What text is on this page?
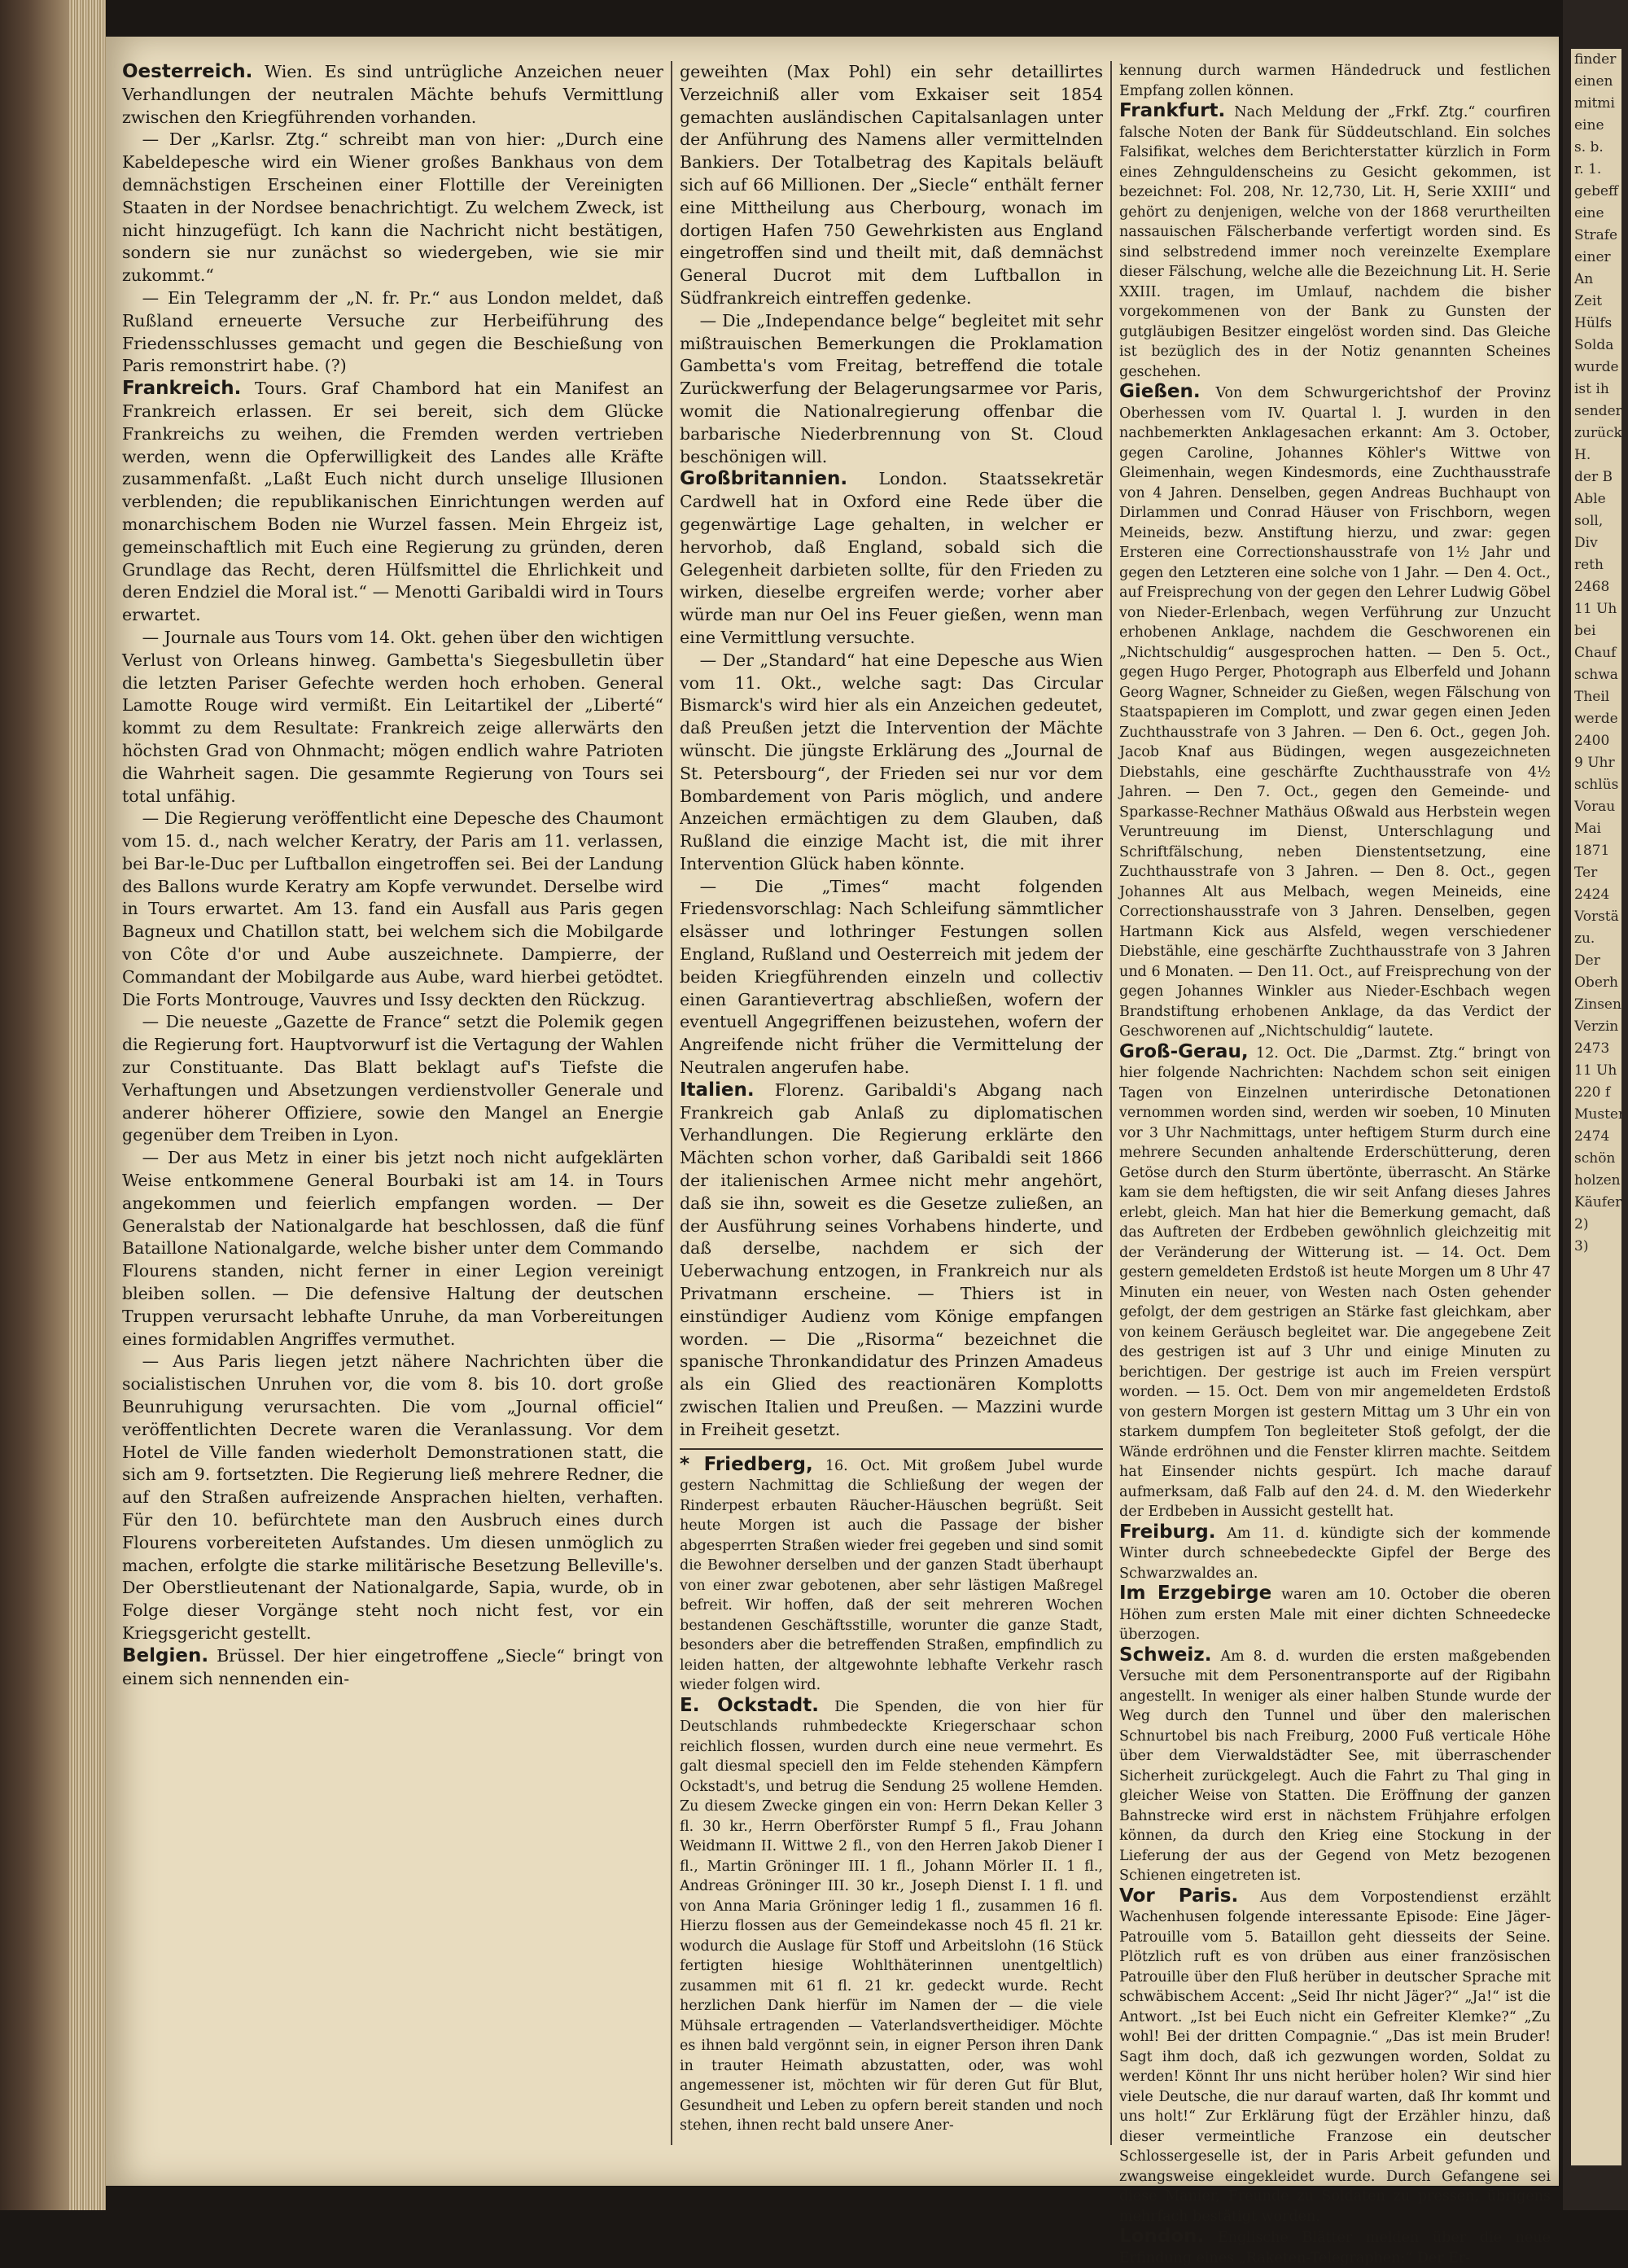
Oesterreich. Wien. Es sind untrügliche Anzeichen neuer Verhandlungen der neutralen Mächte behufs Vermittlung zwischen den Kriegführenden vorhanden.

— Der „Karlsr. Ztg.“ schreibt man von hier: „Durch eine Kabeldepesche wird ein Wiener großes Bankhaus von dem demnächstigen Erscheinen einer Flottille der Vereinigten Staaten in der Nordsee benachrichtigt. Zu welchem Zweck, ist nicht hinzugefügt. Ich kann die Nachricht nicht bestätigen, sondern sie nur zunächst so wiedergeben, wie sie mir zukommt.“

— Ein Telegramm der „N. fr. Pr.“ aus London meldet, daß Rußland erneuerte Versuche zur Herbeiführung des Friedensschlusses gemacht und gegen die Beschießung von Paris remonstrirt habe. (?)

Frankreich. Tours. Graf Chambord hat ein Manifest an Frankreich erlassen. Er sei bereit, sich dem Glücke Frankreichs zu weihen, die Fremden werden vertrieben werden, wenn die Opferwilligkeit des Landes alle Kräfte zusammenfaßt. „Laßt Euch nicht durch unselige Illusionen verblenden; die republikanischen Einrichtungen werden auf monarchischem Boden nie Wurzel fassen. Mein Ehrgeiz ist, gemeinschaftlich mit Euch eine Regierung zu gründen, deren Grundlage das Recht, deren Hülfsmittel die Ehrlichkeit und deren Endziel die Moral ist.“ — Menotti Garibaldi wird in Tours erwartet.

— Journale aus Tours vom 14. Okt. gehen über den wichtigen Verlust von Orleans hinweg. Gambetta's Siegesbulletin über die letzten Pariser Gefechte werden hoch erhoben. General Lamotte Rouge wird vermißt. Ein Leitartikel der „Liberté“ kommt zu dem Resultate: Frankreich zeige allerwärts den höchsten Grad von Ohnmacht; mögen endlich wahre Patrioten die Wahrheit sagen. Die gesammte Regierung von Tours sei total unfähig.

— Die Regierung veröffentlicht eine Depesche des Chaumont vom 15. d., nach welcher Keratry, der Paris am 11. verlassen, bei Bar-le-Duc per Luftballon eingetroffen sei. Bei der Landung des Ballons wurde Keratry am Kopfe verwundet. Derselbe wird in Tours erwartet. Am 13. fand ein Ausfall aus Paris gegen Bagneux und Chatillon statt, bei welchem sich die Mobilgarde von Côte d'or und Aube auszeichnete. Dampierre, der Commandant der Mobilgarde aus Aube, ward hierbei getödtet. Die Forts Montrouge, Vauvres und Issy deckten den Rückzug.

— Die neueste „Gazette de France“ setzt die Polemik gegen die Regierung fort. Hauptvorwurf ist die Vertagung der Wahlen zur Constituante. Das Blatt beklagt auf's Tiefste die Verhaftungen und Absetzungen verdienstvoller Generale und anderer höherer Offiziere, sowie den Mangel an Energie gegenüber dem Treiben in Lyon.

— Der aus Metz in einer bis jetzt noch nicht aufgeklärten Weise entkommene General Bourbaki ist am 14. in Tours angekommen und feierlich empfangen worden. — Der Generalstab der Nationalgarde hat beschlossen, daß die fünf Bataillone Nationalgarde, welche bisher unter dem Commando Flourens standen, nicht ferner in einer Legion vereinigt bleiben sollen. — Die defensive Haltung der deutschen Truppen verursacht lebhafte Unruhe, da man Vorbereitungen eines formidablen Angriffes vermuthet.

— Aus Paris liegen jetzt nähere Nachrichten über die socialistischen Unruhen vor, die vom 8. bis 10. dort große Beunruhigung verursachten. Die vom „Journal officiel“ veröffentlichten Decrete waren die Veranlassung. Vor dem Hotel de Ville fanden wiederholt Demonstrationen statt, die sich am 9. fortsetzten. Die Regierung ließ mehrere Redner, die auf den Straßen aufreizende Ansprachen hielten, verhaften. Für den 10. befürchtete man den Ausbruch eines durch Flourens vorbereiteten Aufstandes. Um diesen unmöglich zu machen, erfolgte die starke militärische Besetzung Belleville's. Der Oberstlieutenant der Nationalgarde, Sapia, wurde, ob in Folge dieser Vorgänge steht noch nicht fest, vor ein Kriegsgericht gestellt.

Belgien. Brüssel. Der hier eingetroffene „Siecle“ bringt von einem sich nennenden ein-

geweihten (Max Pohl) ein sehr detaillirtes Verzeichniß aller vom Exkaiser seit 1854 gemachten ausländischen Capitalsanlagen unter der Anführung des Namens aller vermittelnden Bankiers. Der Totalbetrag des Kapitals beläuft sich auf 66 Millionen. Der „Siecle“ enthält ferner eine Mittheilung aus Cherbourg, wonach im dortigen Hafen 750 Gewehrkisten aus England eingetroffen sind und theilt mit, daß demnächst General Ducrot mit dem Luftballon in Südfrankreich eintreffen gedenke.

— Die „Independance belge“ begleitet mit sehr mißtrauischen Bemerkungen die Proklamation Gambetta's vom Freitag, betreffend die totale Zurückwerfung der Belagerungsarmee vor Paris, womit die Nationalregierung offenbar die barbarische Niederbrennung von St. Cloud beschönigen will.

Großbritannien. London. Staatssekretär Cardwell hat in Oxford eine Rede über die gegenwärtige Lage gehalten, in welcher er hervorhob, daß England, sobald sich die Gelegenheit darbieten sollte, für den Frieden zu wirken, dieselbe ergreifen werde; vorher aber würde man nur Oel ins Feuer gießen, wenn man eine Vermittlung versuchte.

— Der „Standard“ hat eine Depesche aus Wien vom 11. Okt., welche sagt: Das Circular Bismarck's wird hier als ein Anzeichen gedeutet, daß Preußen jetzt die Intervention der Mächte wünscht. Die jüngste Erklärung des „Journal de St. Petersbourg“, der Frieden sei nur vor dem Bombardement von Paris möglich, und andere Anzeichen ermächtigen zu dem Glauben, daß Rußland die einzige Macht ist, die mit ihrer Intervention Glück haben könnte.

— Die „Times“ macht folgenden Friedensvorschlag: Nach Schleifung sämmtlicher elsässer und lothringer Festungen sollen England, Rußland und Oesterreich mit jedem der beiden Kriegführenden einzeln und collectiv einen Garantievertrag abschließen, wofern der eventuell Angegriffenen beizustehen, wofern der Angreifende nicht früher die Vermittelung der Neutralen angerufen habe.

Italien. Florenz. Garibaldi's Abgang nach Frankreich gab Anlaß zu diplomatischen Verhandlungen. Die Regierung erklärte den Mächten schon vorher, daß Garibaldi seit 1866 der italienischen Armee nicht mehr angehört, daß sie ihn, soweit es die Gesetze zuließen, an der Ausführung seines Vorhabens hinderte, und daß derselbe, nachdem er sich der Ueberwachung entzogen, in Frankreich nur als Privatmann erscheine. — Thiers ist in einstündiger Audienz vom Könige empfangen worden. — Die „Risorma“ bezeichnet die spanische Thronkandidatur des Prinzen Amadeus als ein Glied des reactionären Komplotts zwischen Italien und Preußen. — Mazzini wurde in Freiheit gesetzt.

* Friedberg, 16. Oct. Mit großem Jubel wurde gestern Nachmittag die Schließung der wegen der Rinderpest erbauten Räucher-Häuschen begrüßt. Seit heute Morgen ist auch die Passage der bisher abgesperrten Straßen wieder frei gegeben und sind somit die Bewohner derselben und der ganzen Stadt überhaupt von einer zwar gebotenen, aber sehr lästigen Maßregel befreit. Wir hoffen, daß der seit mehreren Wochen bestandenen Geschäftsstille, worunter die ganze Stadt, besonders aber die betreffenden Straßen, empfindlich zu leiden hatten, der altgewohnte lebhafte Verkehr rasch wieder folgen wird.

E. Ockstadt. Die Spenden, die von hier für Deutschlands ruhmbedeckte Kriegerschaar schon reichlich flossen, wurden durch eine neue vermehrt. Es galt diesmal speciell den im Felde stehenden Kämpfern Ockstadt's, und betrug die Sendung 25 wollene Hemden. Zu diesem Zwecke gingen ein von: Herrn Dekan Keller 3 fl. 30 kr., Herrn Oberförster Rumpf 5 fl., Frau Johann Weidmann II. Wittwe 2 fl., von den Herren Jakob Diener I fl., Martin Gröninger III. 1 fl., Johann Mörler II. 1 fl., Andreas Gröninger III. 30 kr., Joseph Dienst I. 1 fl. und von Anna Maria Gröninger ledig 1 fl., zusammen 16 fl. Hierzu flossen aus der Gemeindekasse noch 45 fl. 21 kr. wodurch die Auslage für Stoff und Arbeitslohn (16 Stück fertigten hiesige Wohlthäterinnen unentgeltlich) zusammen mit 61 fl. 21 kr. gedeckt wurde. Recht herzlichen Dank hierfür im Namen der — die viele Mühsale ertragenden — Vaterlandsvertheidiger. Möchte es ihnen bald vergönnt sein, in eigner Person ihren Dank in trauter Heimath abzustatten, oder, was wohl angemessener ist, möchten wir für deren Gut für Blut, Gesundheit und Leben zu opfern bereit standen und noch stehen, ihnen recht bald unsere Aner-

kennung durch warmen Händedruck und festlichen Empfang zollen können.

Frankfurt. Nach Meldung der „Frkf. Ztg.“ courfiren falsche Noten der Bank für Süddeutschland. Ein solches Falsifikat, welches dem Berichterstatter kürzlich in Form eines Zehnguldenscheins zu Gesicht gekommen, ist bezeichnet: Fol. 208, Nr. 12,730, Lit. H, Serie XXIII“ und gehört zu denjenigen, welche von der 1868 verurtheilten nassauischen Fälscherbande verfertigt worden sind. Es sind selbstredend immer noch vereinzelte Exemplare dieser Fälschung, welche alle die Bezeichnung Lit. H. Serie XXIII. tragen, im Umlauf, nachdem die bisher vorgekommenen von der Bank zu Gunsten der gutgläubigen Besitzer eingelöst worden sind. Das Gleiche ist bezüglich des in der Notiz genannten Scheines geschehen.

Gießen. Von dem Schwurgerichtshof der Provinz Oberhessen vom IV. Quartal l. J. wurden in den nachbemerkten Anklagesachen erkannt: Am 3. October, gegen Caroline, Johannes Köhler's Wittwe von Gleimenhain, wegen Kindesmords, eine Zuchthausstrafe von 4 Jahren. Denselben, gegen Andreas Buchhaupt von Dirlammen und Conrad Häuser von Frischborn, wegen Meineids, bezw. Anstiftung hierzu, und zwar: gegen Ersteren eine Correctionshausstrafe von 1½ Jahr und gegen den Letzteren eine solche von 1 Jahr. — Den 4. Oct., auf Freisprechung von der gegen den Lehrer Ludwig Göbel von Nieder-Erlenbach, wegen Verführung zur Unzucht erhobenen Anklage, nachdem die Geschworenen ein „Nichtschuldig“ ausgesprochen hatten. — Den 5. Oct., gegen Hugo Perger, Photograph aus Elberfeld und Johann Georg Wagner, Schneider zu Gießen, wegen Fälschung von Staatspapieren im Complott, und zwar gegen einen Jeden Zuchthausstrafe von 3 Jahren. — Den 6. Oct., gegen Joh. Jacob Knaf aus Büdingen, wegen ausgezeichneten Diebstahls, eine geschärfte Zuchthausstrafe von 4½ Jahren. — Den 7. Oct., gegen den Gemeinde- und Sparkasse-Rechner Mathäus Oßwald aus Herbstein wegen Veruntreuung im Dienst, Unterschlagung und Schriftfälschung, neben Dienstentsetzung, eine Zuchthausstrafe von 3 Jahren. — Den 8. Oct., gegen Johannes Alt aus Melbach, wegen Meineids, eine Correctionshausstrafe von 3 Jahren. Denselben, gegen Hartmann Kick aus Alsfeld, wegen verschiedener Diebstähle, eine geschärfte Zuchthausstrafe von 3 Jahren und 6 Monaten. — Den 11. Oct., auf Freisprechung von der gegen Johannes Winkler aus Nieder-Eschbach wegen Brandstiftung erhobenen Anklage, da das Verdict der Geschworenen auf „Nichtschuldig“ lautete.

Groß-Gerau, 12. Oct. Die „Darmst. Ztg.“ bringt von hier folgende Nachrichten: Nachdem schon seit einigen Tagen von Einzelnen unterirdische Detonationen vernommen worden sind, werden wir soeben, 10 Minuten vor 3 Uhr Nachmittags, unter heftigem Sturm durch eine mehrere Secunden anhaltende Erderschütterung, deren Getöse durch den Sturm übertönte, überrascht. An Stärke kam sie dem heftigsten, die wir seit Anfang dieses Jahres erlebt, gleich. Man hat hier die Bemerkung gemacht, daß das Auftreten der Erdbeben gewöhnlich gleichzeitig mit der Veränderung der Witterung ist. — 14. Oct. Dem gestern gemeldeten Erdstoß ist heute Morgen um 8 Uhr 47 Minuten ein neuer, von Westen nach Osten gehender gefolgt, der dem gestrigen an Stärke fast gleichkam, aber von keinem Geräusch begleitet war. Die angegebene Zeit des gestrigen ist auf 3 Uhr und einige Minuten zu berichtigen. Der gestrige ist auch im Freien verspürt worden. — 15. Oct. Dem von mir angemeldeten Erdstoß von gestern Morgen ist gestern Mittag um 3 Uhr ein von starkem dumpfem Ton begleiteter Stoß gefolgt, der die Wände erdröhnen und die Fenster klirren machte. Seitdem hat Einsender nichts gespürt. Ich mache darauf aufmerksam, daß Falb auf den 24. d. M. den Wiederkehr der Erdbeben in Aussicht gestellt hat.

Freiburg. Am 11. d. kündigte sich der kommende Winter durch schneebedeckte Gipfel der Berge des Schwarzwaldes an.

Im Erzgebirge waren am 10. October die oberen Höhen zum ersten Male mit einer dichten Schneedecke überzogen.

Schweiz. Am 8. d. wurden die ersten maßgebenden Versuche mit dem Personentransporte auf der Rigibahn angestellt. In weniger als einer halben Stunde wurde der Weg durch den Tunnel und über den malerischen Schnurtobel bis nach Freiburg, 2000 Fuß verticale Höhe über dem Vierwaldstädter See, mit überraschender Sicherheit zurückgelegt. Auch die Fahrt zu Thal ging in gleicher Weise von Statten. Die Eröffnung der ganzen Bahnstrecke wird erst in nächstem Frühjahre erfolgen können, da durch den Krieg eine Stockung in der Lieferung der aus der Gegend von Metz bezogenen Schienen eingetreten ist.

Vor Paris. Aus dem Vorpostendienst erzählt Wachenhusen folgende interessante Episode: Eine Jäger-Patrouille vom 5. Bataillon geht diesseits der Seine. Plötzlich ruft es von drüben aus einer französischen Patrouille über den Fluß herüber in deutscher Sprache mit schwäbischem Accent: „Seid Ihr nicht Jäger?“ „Ja!“ ist die Antwort. „Ist bei Euch nicht ein Gefreiter Klemke?“ „Zu wohl! Bei der dritten Compagnie.“ „Das ist mein Bruder! Sagt ihm doch, daß ich gezwungen worden, Soldat zu werden! Könnt Ihr uns nicht herüber holen? Wir sind hier viele Deutsche, die nur darauf warten, daß Ihr kommt und uns holt!“ Zur Erklärung fügt der Erzähler hinzu, daß dieser vermeintliche Franzose ein deutscher Schlossergeselle ist, der in Paris Arbeit gefunden und zwangsweise eingekleidet wurde. Durch Gefangene sei diese Manier, Freunde zu Soldaten zu pressen, übrigens mehrfach bestätigt worden.

London. Englische Blätter melden über die neue Erfindung eines „Raketen-Telegraphen:“ Der Er-

finder
einen
mitmi
eine
s. b.
r. 1.
gebeff
eine
Strafe
einer
An
Zeit
Hülfs
Solda
wurde
ist ih
sender
zurück
H.
der B
Able
soll,
Div
reth
2468
11 Uh
bei
Chauf
schwa
Theil
werde
2400
9 Uhr
schlüs
Vorau
Mai
1871
Ter
2424
Vorstä
zu.
Der
Oberh
Zinsen
Verzin
2473
11 Uh
220 f
Muster
2474
schön
holzen
Käufer
2)
3)
